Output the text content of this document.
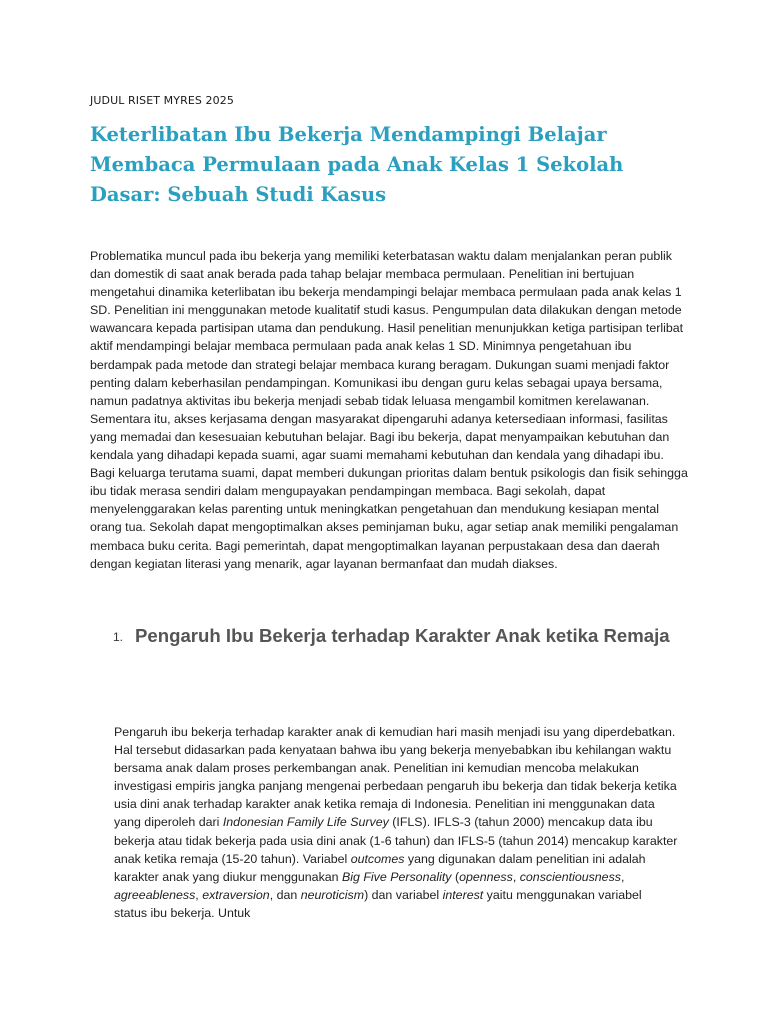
JUDUL RISET MYRES 2025
Keterlibatan Ibu Bekerja Mendampingi Belajar Membaca Permulaan pada Anak Kelas 1 Sekolah Dasar: Sebuah Studi Kasus

Problematika muncul pada ibu bekerja yang memiliki keterbatasan waktu dalam menjalankan peran publik dan domestik di saat anak berada pada tahap belajar membaca permulaan. Penelitian ini bertujuan mengetahui dinamika keterlibatan ibu bekerja mendampingi belajar membaca permulaan pada anak kelas 1 SD. Penelitian ini menggunakan metode kualitatif studi kasus. Pengumpulan data dilakukan dengan metode wawancara kepada partisipan utama dan pendukung. Hasil penelitian menunjukkan ketiga partisipan terlibat aktif mendampingi belajar membaca permulaan pada anak kelas 1 SD. Minimnya pengetahuan ibu berdampak pada metode dan strategi belajar membaca kurang beragam. Dukungan suami menjadi faktor penting dalam keberhasilan pendampingan. Komunikasi ibu dengan guru kelas sebagai upaya bersama, namun padatnya aktivitas ibu bekerja menjadi sebab tidak leluasa mengambil komitmen kerelawanan. Sementara itu, akses kerjasama dengan masyarakat dipengaruhi adanya ketersediaan informasi, fasilitas yang memadai dan kesesuaian kebutuhan belajar. Bagi ibu bekerja, dapat menyampaikan kebutuhan dan kendala yang dihadapi kepada suami, agar suami memahami kebutuhan dan kendala yang dihadapi ibu. Bagi keluarga terutama suami, dapat memberi dukungan prioritas dalam bentuk psikologis dan fisik sehingga ibu tidak merasa sendiri dalam mengupayakan pendampingan membaca. Bagi sekolah, dapat menyelenggarakan kelas parenting untuk meningkatkan pengetahuan dan mendukung kesiapan mental orang tua. Sekolah dapat mengoptimalkan akses peminjaman buku, agar setiap anak memiliki pengalaman membaca buku cerita. Bagi pemerintah, dapat mengoptimalkan layanan perpustakaan desa dan daerah dengan kegiatan literasi yang menarik, agar layanan bermanfaat dan mudah diakses.

1. Pengaruh Ibu Bekerja terhadap Karakter Anak ketika Remaja

Pengaruh ibu bekerja terhadap karakter anak di kemudian hari masih menjadi isu yang diperdebatkan. Hal tersebut didasarkan pada kenyataan bahwa ibu yang bekerja menyebabkan ibu kehilangan waktu bersama anak dalam proses perkembangan anak. Penelitian ini kemudian mencoba melakukan investigasi empiris jangka panjang mengenai perbedaan pengaruh ibu bekerja dan tidak bekerja ketika usia dini anak terhadap karakter anak ketika remaja di Indonesia. Penelitian ini menggunakan data yang diperoleh dari Indonesian Family Life Survey (IFLS). IFLS-3 (tahun 2000) mencakup data ibu bekerja atau tidak bekerja pada usia dini anak (1-6 tahun) dan IFLS-5 (tahun 2014) mencakup karakter anak ketika remaja (15-20 tahun). Variabel outcomes yang digunakan dalam penelitian ini adalah karakter anak yang diukur menggunakan Big Five Personality (openness, conscientiousness, agreeableness, extraversion, dan neuroticism) dan variabel interest yaitu menggunakan variabel status ibu bekerja. Untuk
